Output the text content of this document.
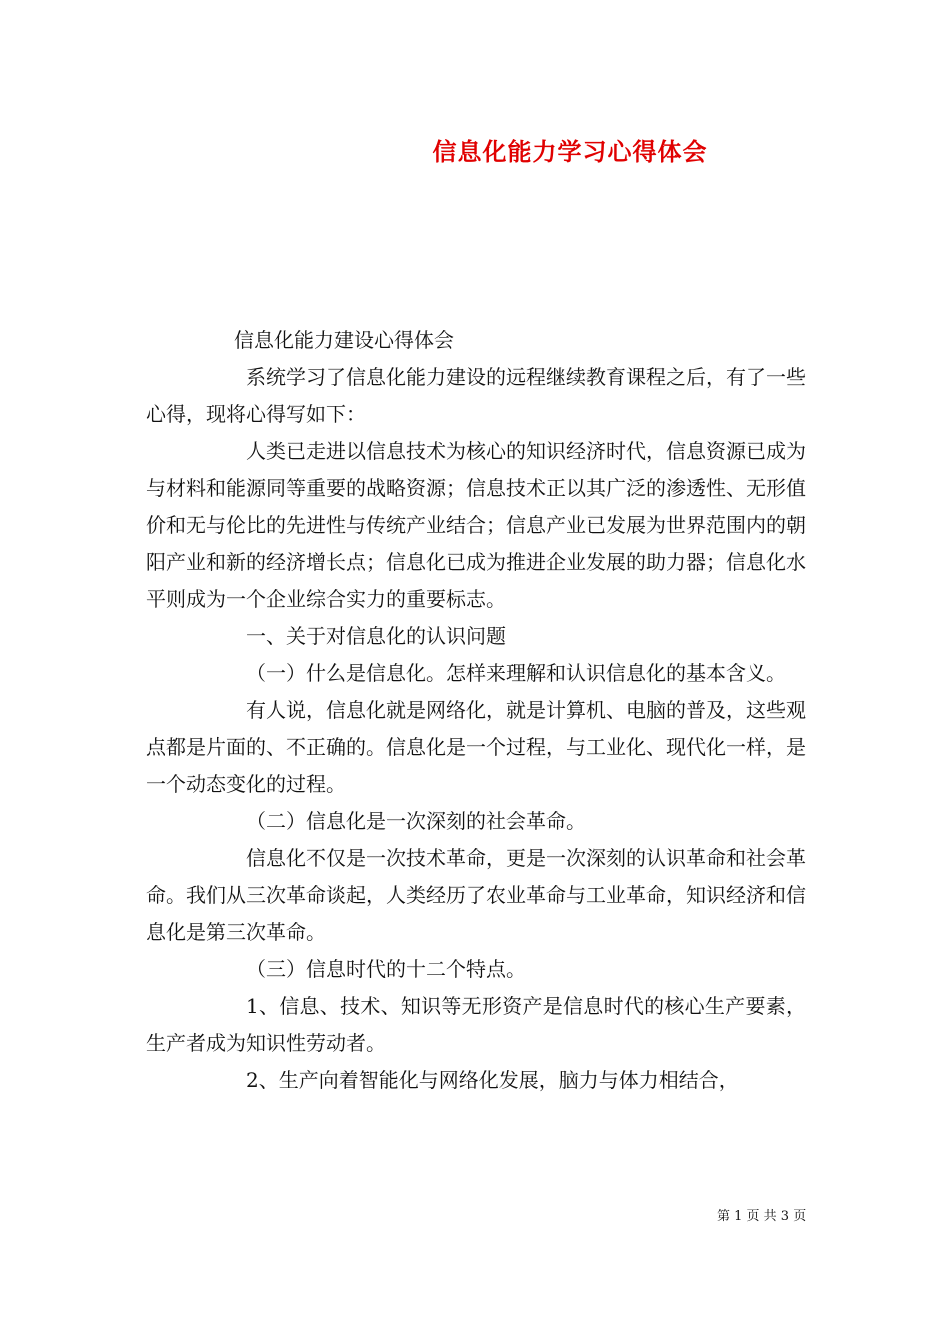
信息化能力学习心得体会

信息化能力建设心得体会

系统学习了信息化能力建设的远程继续教育课程之后，有了一些心得，现将心得写如下：

人类已走进以信息技术为核心的知识经济时代，信息资源已成为与材料和能源同等重要的战略资源；信息技术正以其广泛的渗透性、无形值价和无与伦比的先进性与传统产业结合；信息产业已发展为世界范围内的朝阳产业和新的经济增长点；信息化已成为推进企业发展的助力器；信息化水平则成为一个企业综合实力的重要标志。

一、关于对信息化的认识问题

（一）什么是信息化。怎样来理解和认识信息化的基本含义。

有人说，信息化就是网络化，就是计算机、电脑的普及，这些观点都是片面的、不正确的。信息化是一个过程，与工业化、现代化一样，是一个动态变化的过程。

（二）信息化是一次深刻的社会革命。

信息化不仅是一次技术革命，更是一次深刻的认识革命和社会革命。我们从三次革命谈起，人类经历了农业革命与工业革命，知识经济和信息化是第三次革命。

（三）信息时代的十二个特点。

1、信息、技术、知识等无形资产是信息时代的核心生产要素，生产者成为知识性劳动者。

2、生产向着智能化与网络化发展，脑力与体力相结合，

第 1 页 共 3 页
